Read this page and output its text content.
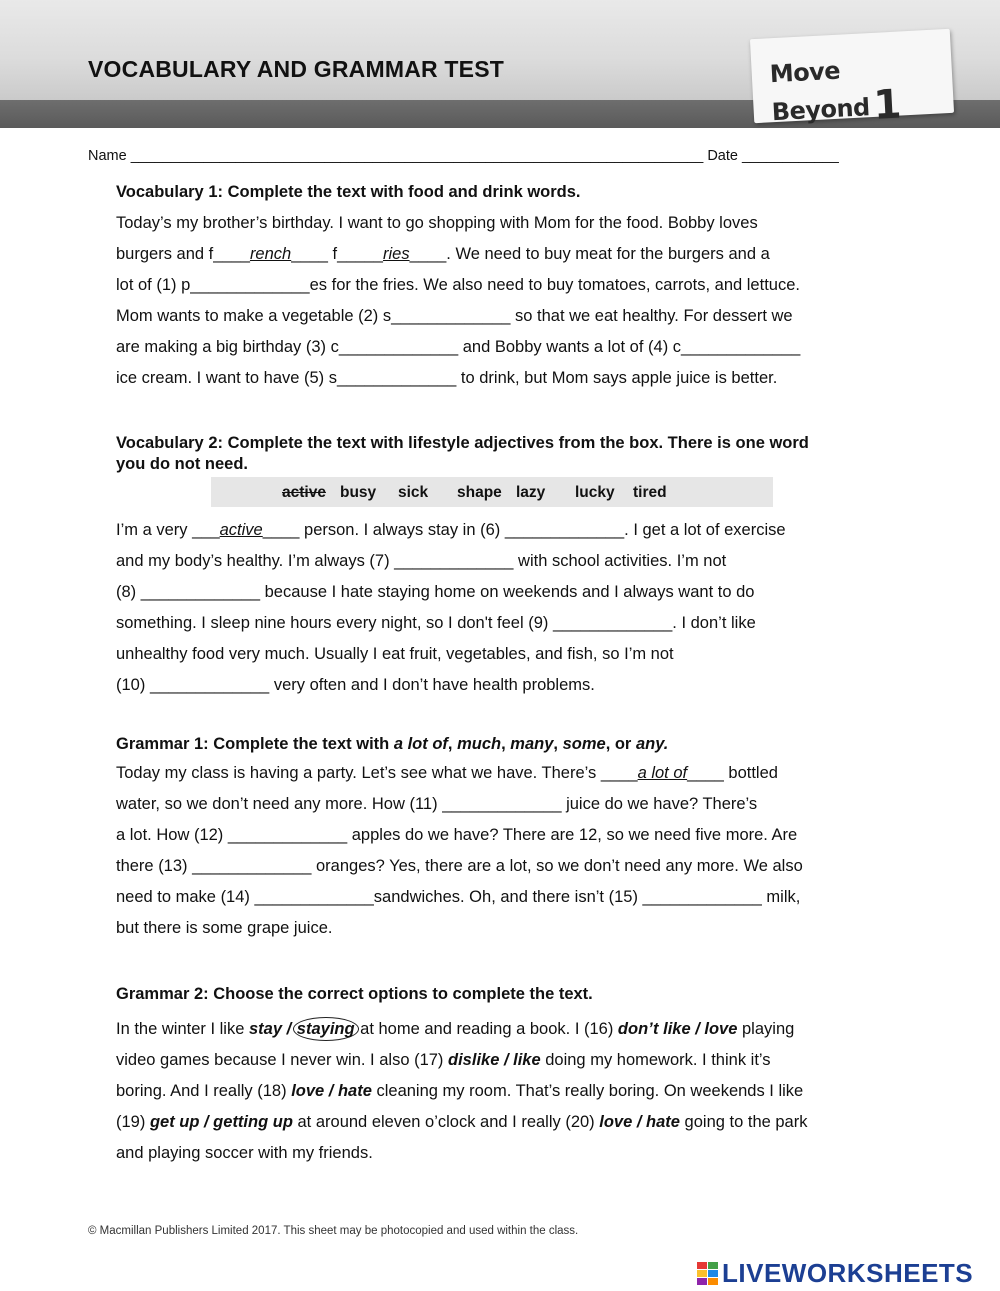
VOCABULARY AND GRAMMAR TEST	Move Beyond1
Name _______________________________________________________________________ Date ____________
Vocabulary 1: Complete the text with food and drink words.

Today’s my brother’s birthday. I want to go shopping with Mom for the food. Bobby loves

burgers and f____rench____ f_____ries____. We need to buy meat for the burgers and a

lot of (1) p_____________es for the fries. We also need to buy tomatoes, carrots, and lettuce.

Mom wants to make a vegetable (2) s_____________ so that we eat healthy. For dessert we

are making a big birthday (3) c_____________ and Bobby wants a lot of (4) c_____________

ice cream. I want to have (5) s_____________ to drink, but Mom says apple juice is better.

Vocabulary 2: Complete the text with lifestyle adjectives from the box. There is one word
you do not need.
active busy sick shape lazy lucky tired

I’m a very ___active____ person. I always stay in (6) _____________. I get a lot of exercise

and my body’s healthy. I’m always (7) _____________ with school activities. I’m not

(8) _____________ because I hate staying home on weekends and I always want to do

something. I sleep nine hours every night, so I don't feel (9) _____________. I don’t like

unhealthy food very much. Usually I eat fruit, vegetables, and fish, so I’m not

(10) _____________ very often and I don’t have health problems.

Grammar 1: Complete the text with a lot of, much, many, some, or any.

Today my class is having a party. Let’s see what we have. There’s ____a lot of____ bottled

water, so we don’t need any more. How (11) _____________ juice do we have? There’s

a lot. How (12) _____________ apples do we have? There are 12, so we need five more. Are

there (13) _____________ oranges? Yes, there are a lot, so we don’t need any more. We also

need to make (14) _____________sandwiches. Oh, and there isn’t (15) _____________ milk,

but there is some grape juice.

Grammar 2: Choose the correct options to complete the text.

In the winter I like stay / staying at home and reading a book. I (16) don’t like / love playing

video games because I never win. I also (17) dislike / like doing my homework. I think it’s

boring. And I really (18) love / hate cleaning my room. That’s really boring. On weekends I like

(19) get up / getting up at around eleven o’clock and I really (20) love / hate going to the park

and playing soccer with my friends.

© Macmillan Publishers Limited 2017. This sheet may be photocopied and used within the class.
LIVEWORKSHEETS
